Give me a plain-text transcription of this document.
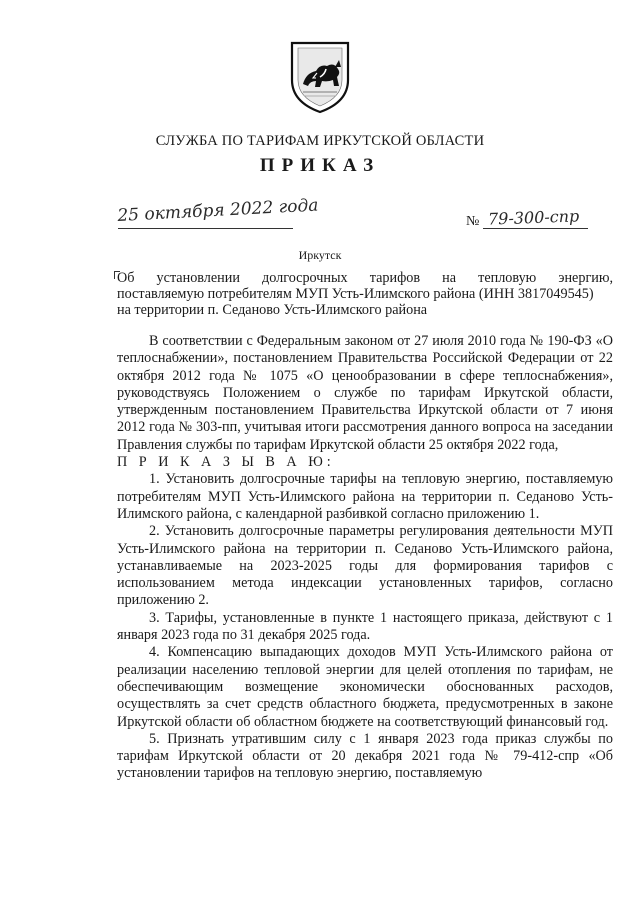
СЛУЖБА ПО ТАРИФАМ ИРКУТСКОЙ ОБЛАСТИ
ПРИКАЗ
25 октября 2022 года	№ 79-300-спр
Иркутск
Об установлении долгосрочных тарифов на тепловую энергию,
поставляемую потребителям МУП Усть-Илимского района (ИНН 3817049545)
на территории п. Седаново Усть-Илимского района

В соответствии с Федеральным законом от 27 июля 2010 года № 190-ФЗ «О теплоснабжении», постановлением Правительства Российской Федерации от 22 октября 2012 года № 1075 «О ценообразовании в сфере теплоснабжения», руководствуясь Положением о службе по тарифам Иркутской области, утвержденным постановлением Правительства Иркутской области от 7 июня 2012 года № 303-пп, учитывая итоги рассмотрения данного вопроса на заседании Правления службы по тарифам Иркутской области 25 октября 2022 года,

П Р И К А З Ы В А Ю:

1. Установить долгосрочные тарифы на тепловую энергию, поставляемую потребителям МУП Усть-Илимского района на территории п. Седаново Усть-Илимского района, с календарной разбивкой согласно приложению 1.

2. Установить долгосрочные параметры регулирования деятельности МУП Усть-Илимского района на территории п. Седаново Усть-Илимского района, устанавливаемые на 2023-2025 годы для формирования тарифов с использованием метода индексации установленных тарифов, согласно приложению 2.

3. Тарифы, установленные в пункте 1 настоящего приказа, действуют с 1 января 2023 года по 31 декабря 2025 года.

4. Компенсацию выпадающих доходов МУП Усть-Илимского района от реализации населению тепловой энергии для целей отопления по тарифам, не обеспечивающим возмещение экономически обоснованных расходов, осуществлять за счет средств областного бюджета, предусмотренных в законе Иркутской области об областном бюджете на соответствующий финансовый год.

5. Признать утратившим силу с 1 января 2023 года приказ службы по тарифам Иркутской области от 20 декабря 2021 года № 79-412-спр «Об установлении тарифов на тепловую энергию, поставляемую
